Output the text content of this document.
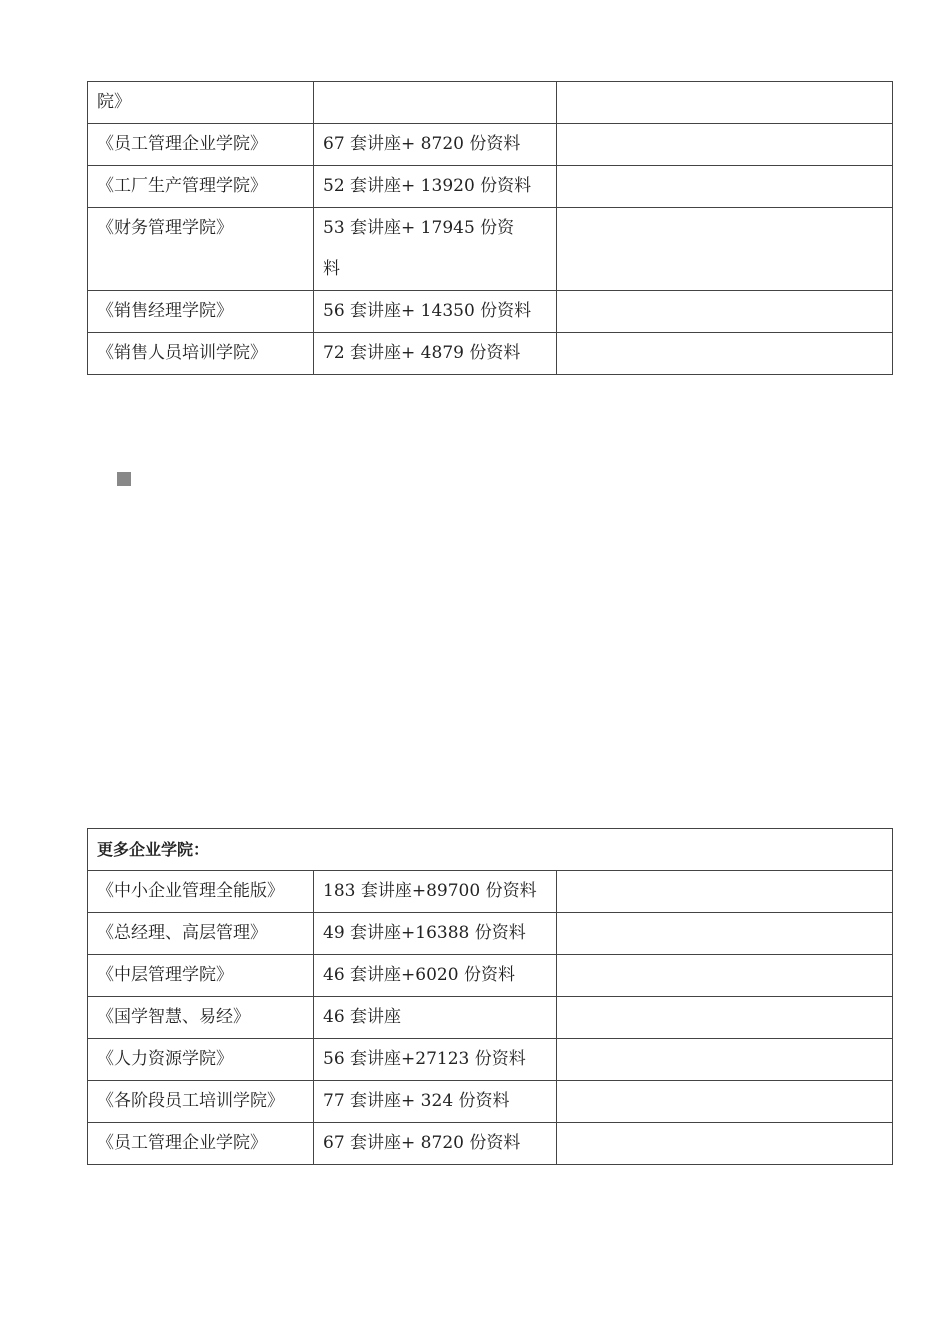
院》		
《员工管理企业学院》	67 套讲座+ 8720 份资料	
《工厂生产管理学院》	52 套讲座+ 13920 份资料	
《财务管理学院》	53 套讲座+ 17945 份资料	

《销售经理学院》	56 套讲座+ 14350 份资料	
《销售人员培训学院》	72 套讲座+ 4879 份资料	
更多企业学院：		

《中小企业管理全能版》	183 套讲座+89700 份资料	
《总经理、高层管理》	49 套讲座+16388 份资料	
《中层管理学院》	46 套讲座+6020 份资料	
《国学智慧、易经》	46 套讲座	
《人力资源学院》	56 套讲座+27123 份资料	

《各阶段员工培训学院》	77 套讲座+ 324 份资料	
《员工管理企业学院》	67 套讲座+ 8720 份资料	
